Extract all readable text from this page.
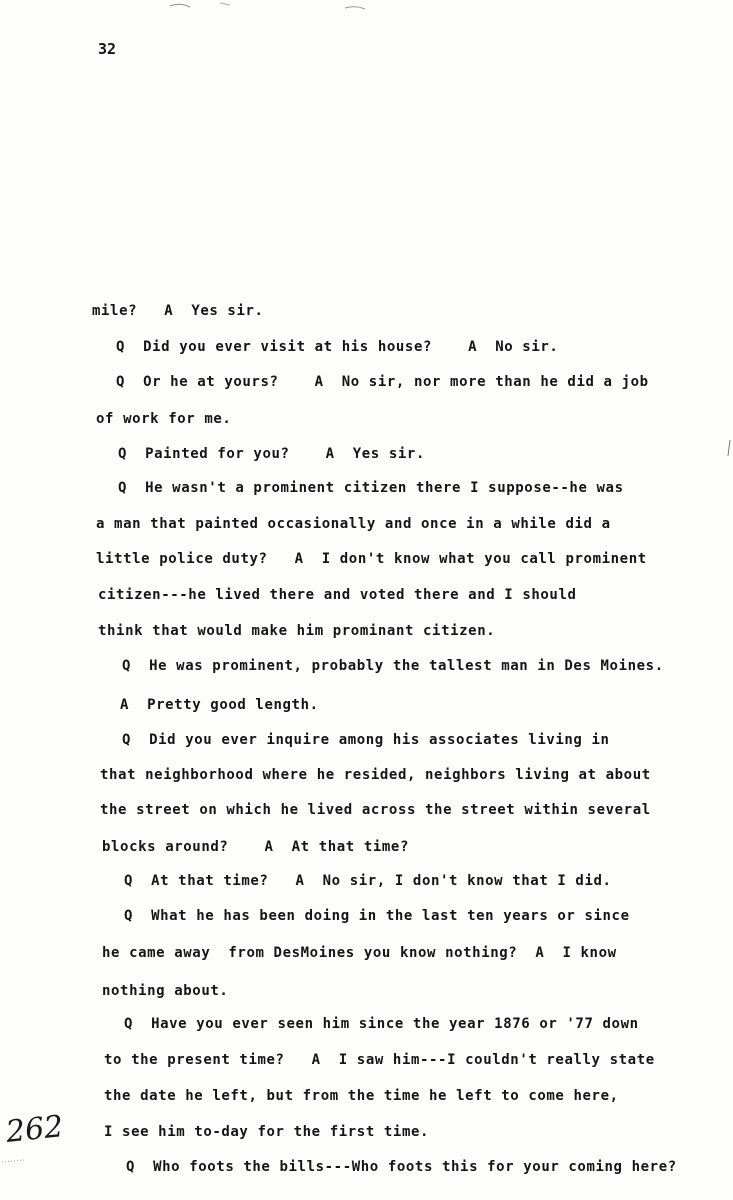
32
mile?   A  Yes sir.
Q  Did you ever visit at his house?    A  No sir.
Q  Or he at yours?    A  No sir, nor more than he did a job
of work for me.
Q  Painted for you?    A  Yes sir.
Q  He wasn't a prominent citizen there I suppose--he was
a man that painted occasionally and once in a while did a
little police duty?   A  I don't know what you call prominent
citizen---he lived there and voted there and I should
think that would make him prominant citizen.
Q  He was prominent, probably the tallest man in Des Moines.
A  Pretty good length.
Q  Did you ever inquire among his associates living in
that neighborhood where he resided, neighbors living at about
the street on which he lived across the street within several
blocks around?    A  At that time?
Q  At that time?   A  No sir, I don't know that I did.
Q  What he has been doing in the last ten years or since
he came away  from DesMoines you know nothing?  A  I know
nothing about.
Q  Have you ever seen him since the year 1876 or '77 down
to the present time?   A  I saw him---I couldn't really state
the date he left, but from the time he left to come here,
I see him to-day for the first time.
Q  Who foots the bills---Who foots this for your coming here?
262
